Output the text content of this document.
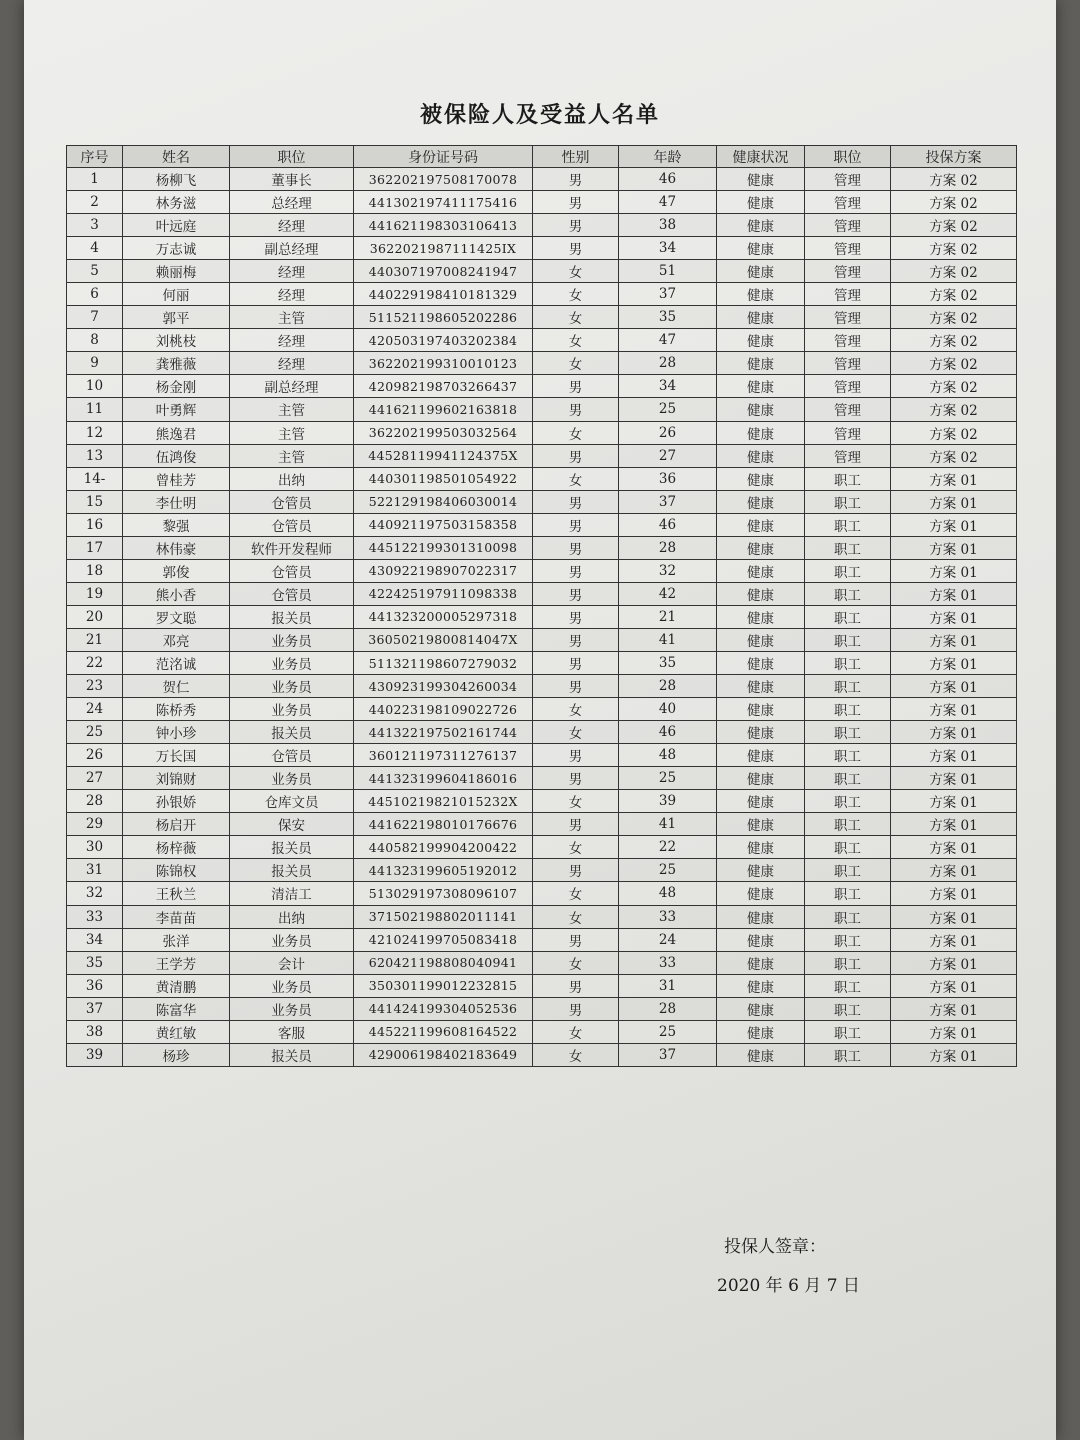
被保险人及受益人名单
序号	姓名	职位	身份证号码	性别	年龄	健康状况	职位	投保方案
1	杨柳飞	董事长	362202197508170078	男	46	健康	管理	方案 02
2	林务滋	总经理	441302197411175416	男	47	健康	管理	方案 02
3	叶远庭	经理	441621198303106413	男	38	健康	管理	方案 02
4	万志诚	副总经理	3622021987111425IX	男	34	健康	管理	方案 02
5	赖丽梅	经理	440307197008241947	女	51	健康	管理	方案 02
6	何丽	经理	440229198410181329	女	37	健康	管理	方案 02
7	郭平	主管	511521198605202286	女	35	健康	管理	方案 02
8	刘桃枝	经理	420503197403202384	女	47	健康	管理	方案 02
9	龚雅薇	经理	362202199310010123	女	28	健康	管理	方案 02
10	杨金刚	副总经理	420982198703266437	男	34	健康	管理	方案 02
11	叶勇辉	主管	441621199602163818	男	25	健康	管理	方案 02
12	熊逸君	主管	362202199503032564	女	26	健康	管理	方案 02
13	伍鸿俊	主管	44528119941124375X	男	27	健康	管理	方案 02
14-	曾桂芳	出纳	440301198501054922	女	36	健康	职工	方案 01
15	李仕明	仓管员	522129198406030014	男	37	健康	职工	方案 01
16	黎强	仓管员	440921197503158358	男	46	健康	职工	方案 01
17	林伟豪	软件开发程师	445122199301310098	男	28	健康	职工	方案 01
18	郭俊	仓管员	430922198907022317	男	32	健康	职工	方案 01
19	熊小香	仓管员	422425197911098338	男	42	健康	职工	方案 01
20	罗文聪	报关员	441323200005297318	男	21	健康	职工	方案 01
21	邓亮	业务员	36050219800814047X	男	41	健康	职工	方案 01
22	范洺诚	业务员	511321198607279032	男	35	健康	职工	方案 01
23	贺仁	业务员	430923199304260034	男	28	健康	职工	方案 01
24	陈桥秀	业务员	440223198109022726	女	40	健康	职工	方案 01
25	钟小珍	报关员	441322197502161744	女	46	健康	职工	方案 01
26	万长国	仓管员	360121197311276137	男	48	健康	职工	方案 01
27	刘锦财	业务员	441323199604186016	男	25	健康	职工	方案 01
28	孙银娇	仓库文员	44510219821015232X	女	39	健康	职工	方案 01
29	杨启开	保安	441622198010176676	男	41	健康	职工	方案 01
30	杨梓薇	报关员	440582199904200422	女	22	健康	职工	方案 01
31	陈锦权	报关员	441323199605192012	男	25	健康	职工	方案 01
32	王秋兰	清洁工	513029197308096107	女	48	健康	职工	方案 01
33	李苗苗	出纳	371502198802011141	女	33	健康	职工	方案 01
34	张洋	业务员	421024199705083418	男	24	健康	职工	方案 01
35	王学芳	会计	620421198808040941	女	33	健康	职工	方案 01
36	黄清鹏	业务员	350301199012232815	男	31	健康	职工	方案 01
37	陈富华	业务员	441424199304052536	男	28	健康	职工	方案 01
38	黄红敏	客服	445221199608164522	女	25	健康	职工	方案 01
39	杨珍	报关员	429006198402183649	女	37	健康	职工	方案 01
投保人签章：
2020 年 6 月 7 日
